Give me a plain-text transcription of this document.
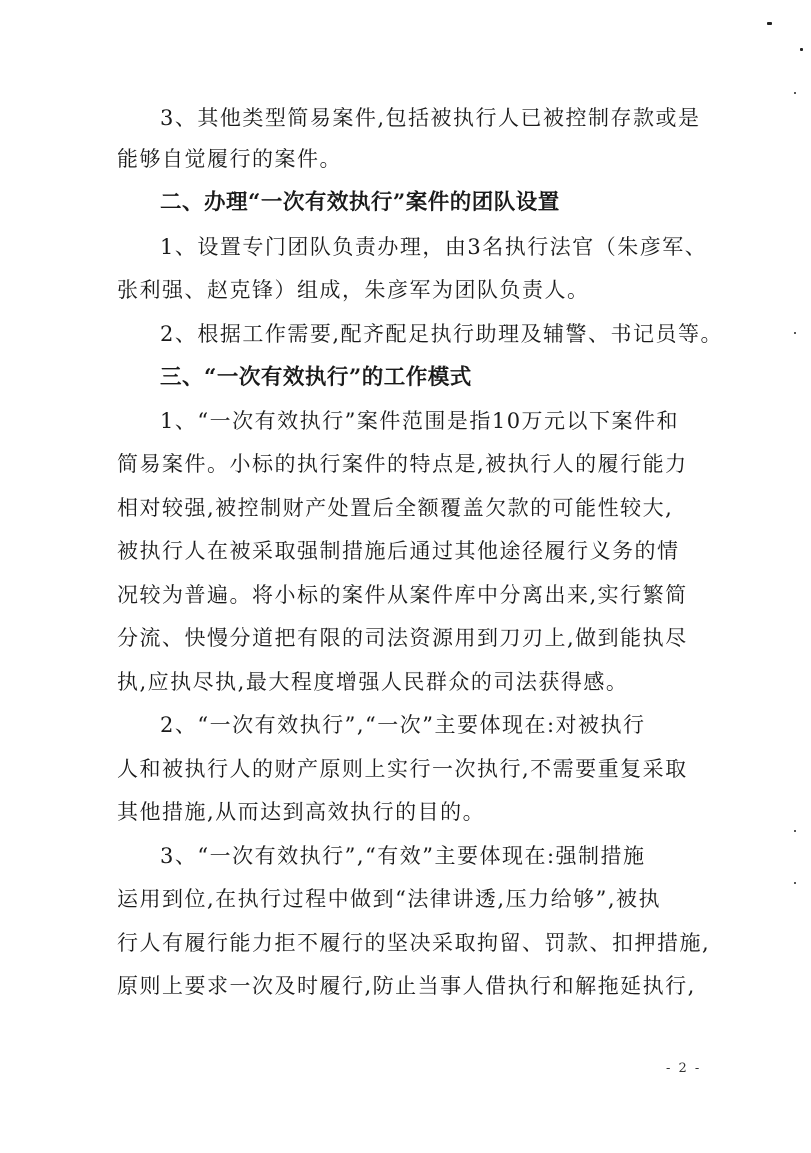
3、其他类型简易案件,包括被执行人已被控制存款或是
能够自觉履行的案件。
二、办理“一次有效执行”案件的团队设置
1、设置专门团队负责办理，由3名执行法官（朱彦军、
张利强、赵克锋）组成，朱彦军为团队负责人。
2、根据工作需要,配齐配足执行助理及辅警、书记员等。
三、“一次有效执行”的工作模式
1、“一次有效执行”案件范围是指10万元以下案件和
简易案件。小标的执行案件的特点是,被执行人的履行能力
相对较强,被控制财产处置后全额覆盖欠款的可能性较大,
被执行人在被采取强制措施后通过其他途径履行义务的情
况较为普遍。将小标的案件从案件库中分离出来,实行繁简
分流、快慢分道把有限的司法资源用到刀刃上,做到能执尽
执,应执尽执,最大程度增强人民群众的司法获得感。
2、“一次有效执行”,“一次”主要体现在:对被执行
人和被执行人的财产原则上实行一次执行,不需要重复采取
其他措施,从而达到高效执行的目的。
3、“一次有效执行”,“有效”主要体现在:强制措施
运用到位,在执行过程中做到“法律讲透,压力给够”,被执
行人有履行能力拒不履行的坚决采取拘留、罚款、扣押措施,
原则上要求一次及时履行,防止当事人借执行和解拖延执行,
- 2 -
